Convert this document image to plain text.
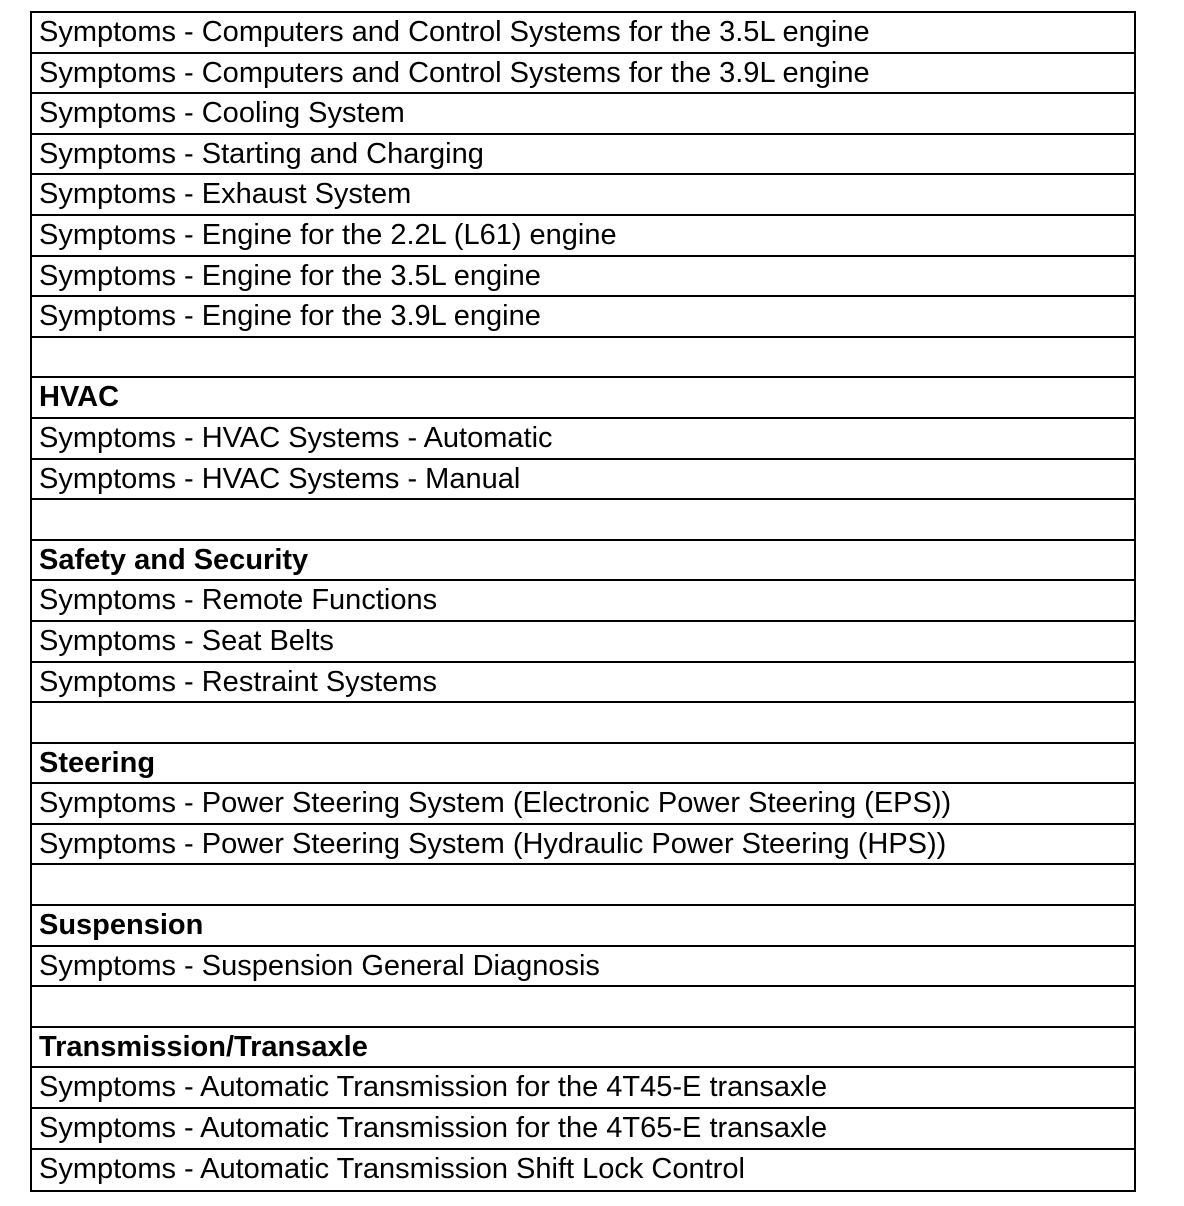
Symptoms - Computers and Control Systems for the 3.5L engine
Symptoms - Computers and Control Systems for the 3.9L engine
Symptoms - Cooling System
Symptoms - Starting and Charging
Symptoms - Exhaust System
Symptoms - Engine for the 2.2L (L61) engine
Symptoms - Engine for the 3.5L engine
Symptoms - Engine for the 3.9L engine
HVAC
Symptoms - HVAC Systems - Automatic
Symptoms - HVAC Systems - Manual
Safety and Security
Symptoms - Remote Functions
Symptoms - Seat Belts
Symptoms - Restraint Systems
Steering
Symptoms - Power Steering System (Electronic Power Steering (EPS))
Symptoms - Power Steering System (Hydraulic Power Steering (HPS))
Suspension
Symptoms - Suspension General Diagnosis
Transmission/Transaxle
Symptoms - Automatic Transmission for the 4T45-E transaxle
Symptoms - Automatic Transmission for the 4T65-E transaxle
Symptoms - Automatic Transmission Shift Lock Control
